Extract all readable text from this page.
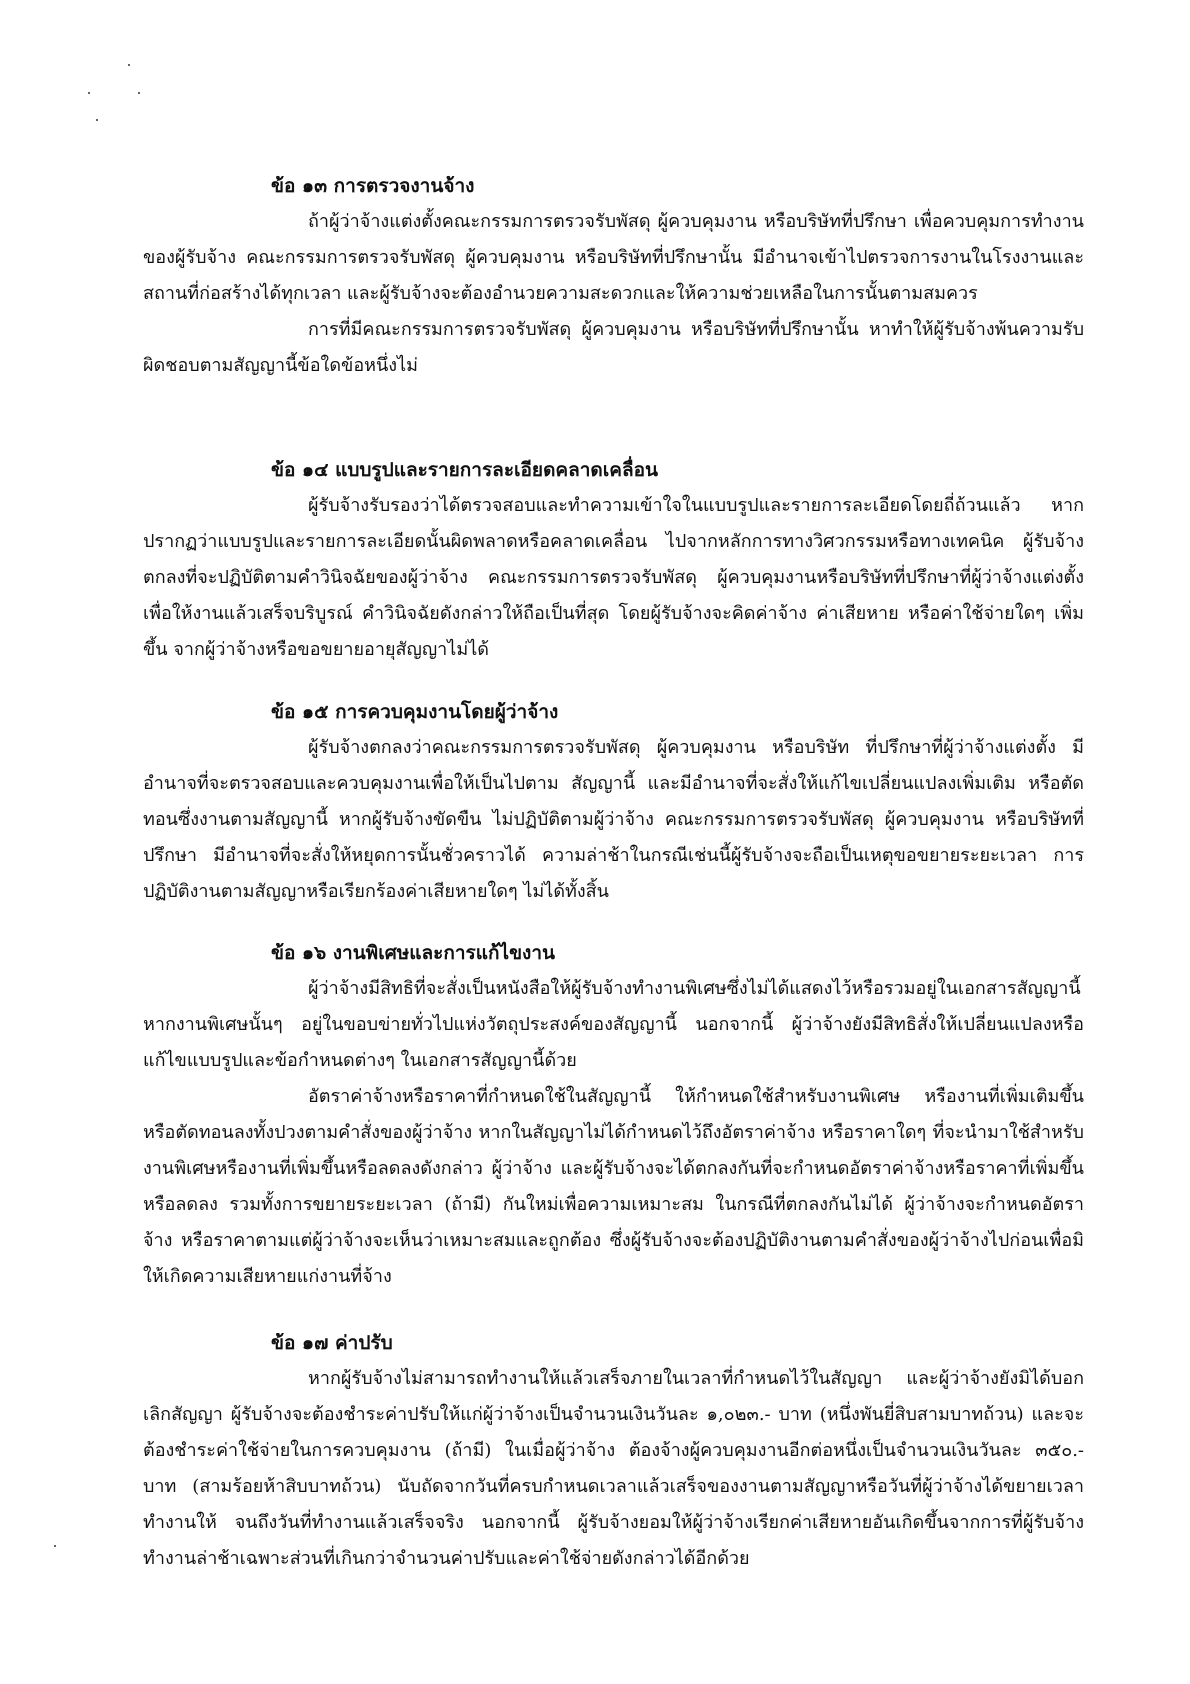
ข้อ ๑๓ การตรวจงานจ้าง

ถ้าผู้ว่าจ้างแต่งตั้งคณะกรรมการตรวจรับพัสดุ ผู้ควบคุมงาน หรือบริษัทที่ปรึกษา เพื่อควบคุมการทำงานของผู้รับจ้าง คณะกรรมการตรวจรับพัสดุ ผู้ควบคุมงาน หรือบริษัทที่ปรึกษานั้น มีอำนาจเข้าไปตรวจการงานในโรงงานและสถานที่ก่อสร้างได้ทุกเวลา และผู้รับจ้างจะต้องอำนวยความสะดวกและให้ความช่วยเหลือในการนั้นตามสมควร

การที่มีคณะกรรมการตรวจรับพัสดุ ผู้ควบคุมงาน หรือบริษัทที่ปรึกษานั้น หาทำให้ผู้รับจ้างพ้นความรับผิดชอบตามสัญญานี้ข้อใดข้อหนึ่งไม่

ข้อ ๑๔ แบบรูปและรายการละเอียดคลาดเคลื่อน

ผู้รับจ้างรับรองว่าได้ตรวจสอบและทำความเข้าใจในแบบรูปและรายการละเอียดโดยถี่ถ้วนแล้ว หากปรากฏว่าแบบรูปและรายการละเอียดนั้นผิดพลาดหรือคลาดเคลื่อน ไปจากหลักการทางวิศวกรรมหรือทางเทคนิค ผู้รับจ้างตกลงที่จะปฏิบัติตามคำวินิจฉัยของผู้ว่าจ้าง คณะกรรมการตรวจรับพัสดุ ผู้ควบคุมงานหรือบริษัทที่ปรึกษาที่ผู้ว่าจ้างแต่งตั้ง เพื่อให้งานแล้วเสร็จบริบูรณ์ คำวินิจฉัยดังกล่าวให้ถือเป็นที่สุด โดยผู้รับจ้างจะคิดค่าจ้าง ค่าเสียหาย หรือค่าใช้จ่ายใดๆ เพิ่มขึ้น จากผู้ว่าจ้างหรือขอขยายอายุสัญญาไม่ได้

ข้อ ๑๕ การควบคุมงานโดยผู้ว่าจ้าง

ผู้รับจ้างตกลงว่าคณะกรรมการตรวจรับพัสดุ ผู้ควบคุมงาน หรือบริษัท ที่ปรึกษาที่ผู้ว่าจ้างแต่งตั้ง มีอำนาจที่จะตรวจสอบและควบคุมงานเพื่อให้เป็นไปตาม สัญญานี้ และมีอำนาจที่จะสั่งให้แก้ไขเปลี่ยนแปลงเพิ่มเติม หรือตัดทอนซึ่งงานตามสัญญานี้ หากผู้รับจ้างขัดขืน ไม่ปฏิบัติตามผู้ว่าจ้าง คณะกรรมการตรวจรับพัสดุ ผู้ควบคุมงาน หรือบริษัทที่ปรึกษา มีอำนาจที่จะสั่งให้หยุดการนั้นชั่วคราวได้ ความล่าช้าในกรณีเช่นนี้ผู้รับจ้างจะถือเป็นเหตุขอขยายระยะเวลา การปฏิบัติงานตามสัญญาหรือเรียกร้องค่าเสียหายใดๆ ไม่ได้ทั้งสิ้น

ข้อ ๑๖ งานพิเศษและการแก้ไขงาน

ผู้ว่าจ้างมีสิทธิที่จะสั่งเป็นหนังสือให้ผู้รับจ้างทำงานพิเศษซึ่งไม่ได้แสดงไว้หรือรวมอยู่ในเอกสารสัญญานี้ หากงานพิเศษนั้นๆ อยู่ในขอบข่ายทั่วไปแห่งวัตถุประสงค์ของสัญญานี้ นอกจากนี้ ผู้ว่าจ้างยังมีสิทธิสั่งให้เปลี่ยนแปลงหรือแก้ไขแบบรูปและข้อกำหนดต่างๆ ในเอกสารสัญญานี้ด้วย

อัตราค่าจ้างหรือราคาที่กำหนดใช้ในสัญญานี้ ให้กำหนดใช้สำหรับงานพิเศษ หรืองานที่เพิ่มเติมขึ้น หรือตัดทอนลงทั้งปวงตามคำสั่งของผู้ว่าจ้าง หากในสัญญาไม่ได้กำหนดไว้ถึงอัตราค่าจ้าง หรือราคาใดๆ ที่จะนำมาใช้สำหรับงานพิเศษหรืองานที่เพิ่มขึ้นหรือลดลงดังกล่าว ผู้ว่าจ้าง และผู้รับจ้างจะได้ตกลงกันที่จะกำหนดอัตราค่าจ้างหรือราคาที่เพิ่มขึ้นหรือลดลง รวมทั้งการขยายระยะเวลา (ถ้ามี) กันใหม่เพื่อความเหมาะสม ในกรณีที่ตกลงกันไม่ได้ ผู้ว่าจ้างจะกำหนดอัตราจ้าง หรือราคาตามแต่ผู้ว่าจ้างจะเห็นว่าเหมาะสมและถูกต้อง ซึ่งผู้รับจ้างจะต้องปฏิบัติงานตามคำสั่งของผู้ว่าจ้างไปก่อนเพื่อมิให้เกิดความเสียหายแก่งานที่จ้าง

ข้อ ๑๗ ค่าปรับ

หากผู้รับจ้างไม่สามารถทำงานให้แล้วเสร็จภายในเวลาที่กำหนดไว้ในสัญญา และผู้ว่าจ้างยังมิได้บอกเลิกสัญญา ผู้รับจ้างจะต้องชำระค่าปรับให้แก่ผู้ว่าจ้างเป็นจำนวนเงินวันละ ๑,๐๒๓.- บาท (หนึ่งพันยี่สิบสามบาทถ้วน) และจะต้องชำระค่าใช้จ่ายในการควบคุมงาน (ถ้ามี) ในเมื่อผู้ว่าจ้าง ต้องจ้างผู้ควบคุมงานอีกต่อหนึ่งเป็นจำนวนเงินวันละ ๓๕๐.- บาท (สามร้อยห้าสิบบาทถ้วน) นับถัดจากวันที่ครบกำหนดเวลาแล้วเสร็จของงานตามสัญญาหรือวันที่ผู้ว่าจ้างได้ขยายเวลาทำงานให้ จนถึงวันที่ทำงานแล้วเสร็จจริง นอกจากนี้ ผู้รับจ้างยอมให้ผู้ว่าจ้างเรียกค่าเสียหายอันเกิดขึ้นจากการที่ผู้รับจ้างทำงานล่าช้าเฉพาะส่วนที่เกินกว่าจำนวนค่าปรับและค่าใช้จ่ายดังกล่าวได้อีกด้วย
